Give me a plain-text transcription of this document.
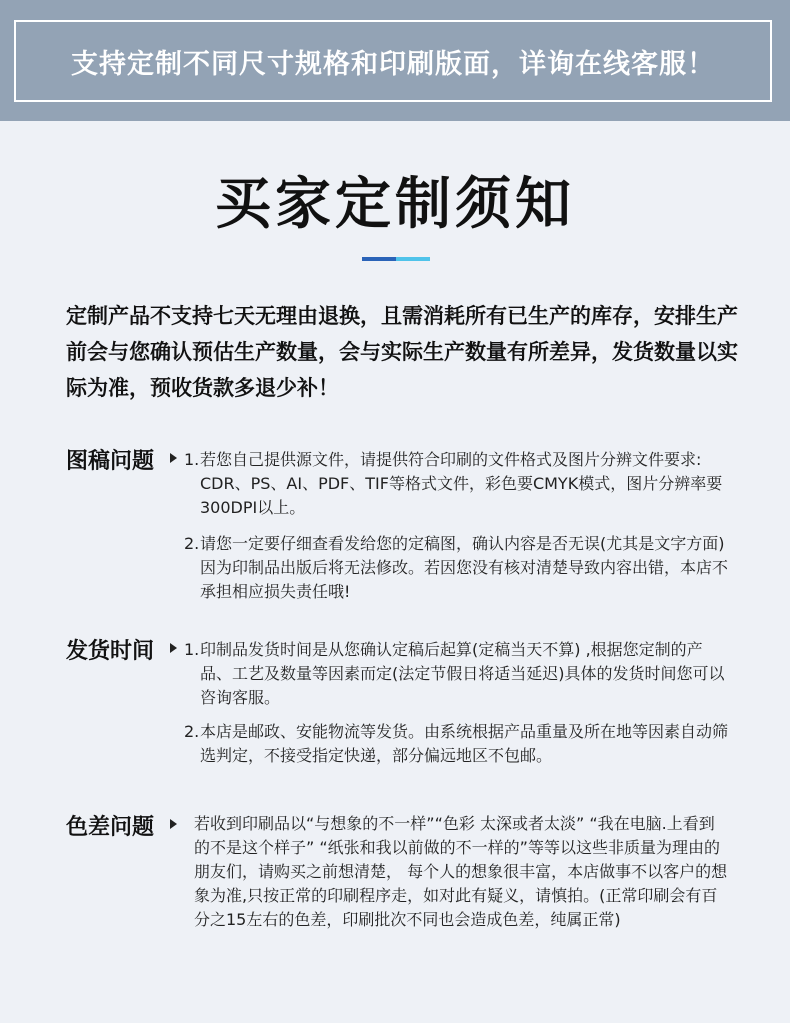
支持定制不同尺寸规格和印刷版面，详询在线客服！
买家定制须知
定制产品不支持七天无理由退换，且需消耗所有已生产的库存，安排生产前会与您确认预估生产数量，会与实际生产数量有所差异，发货数量以实际为准，预收货款多退少补！
图稿问题 1. 若您自己提供源文件，请提供符合印刷的文件格式及图片分辨文件要求: CDR、PS、AI、PDF、TIF等格式文件，彩色要CMYK模式，图片分辨率要300DPI以上。
2. 请您一定要仔细查看发给您的定稿图，确认内容是否无误(尤其是文字方面)因为印制品出版后将无法修改。若因您没有核对清楚导致内容出错，本店不承担相应损失责任哦!
发货时间 1. 印制品发货时间是从您确认定稿后起算(定稿当天不算) ,根据您定制的产品、工艺及数量等因素而定(法定节假日将适当延迟)具体的发货时间您可以咨询客服。
2. 本店是邮政、安能物流等发货。由系统根据产品重量及所在地等因素自动筛选判定，不接受指定快递，部分偏远地区不包邮。
色差问题	若收到印刷品以“与想象的不一样”“色彩 太深或者太淡” “我在电脑.上看到的不是这个样子” “纸张和我以前做的不一样的”等等以这些非质量为理由的朋友们，请购买之前想清楚， 每个人的想象很丰富，本店做事不以客户的想象为准,只按正常的印刷程序走，如对此有疑义，请慎拍。(正常印刷会有百分之15左右的色差，印刷批次不同也会造成色差，纯属正常)
